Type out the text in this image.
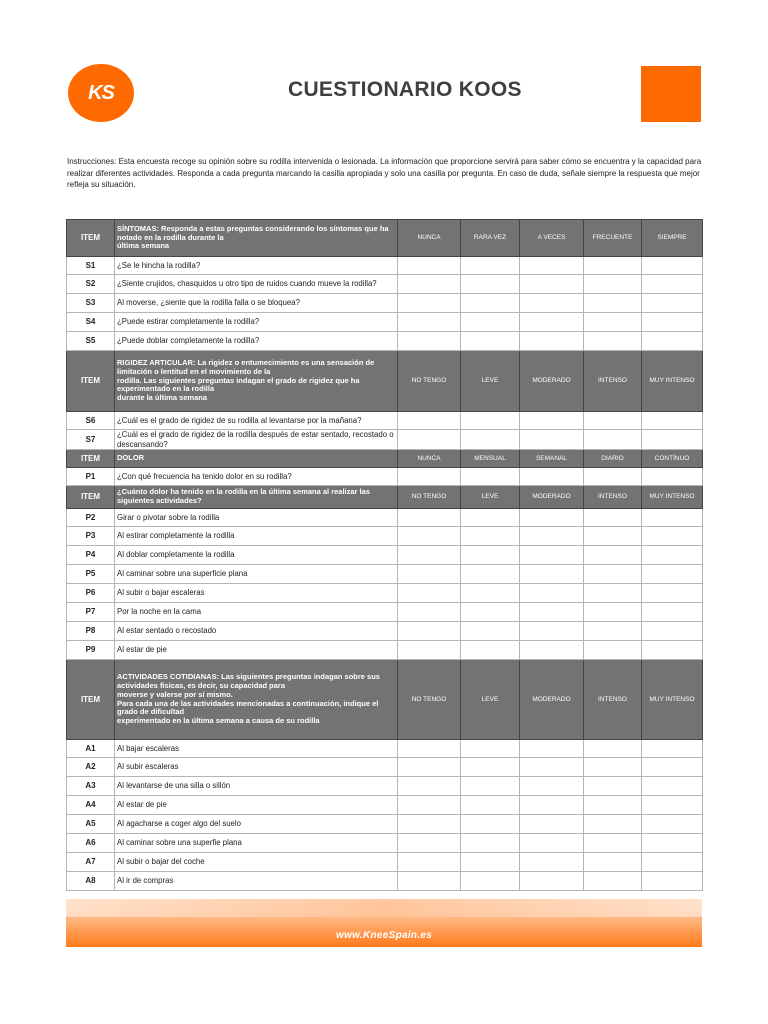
KS	CUESTIONARIO KOOS
Instrucciones: Esta encuesta recoge su opinión sobre su rodilla intervenida o lesionada. La información que proporcione servirá para saber cómo se encuentra y la capacidad para realizar diferentes actividades. Responda a cada pregunta marcando la casilla apropiada y solo una casilla por pregunta. En caso de duda, señale siempre la respuesta que mejor refleja su situación.
ITEM	SÍNTOMAS: Responda a estas preguntas considerando los síntomas que ha notado en la rodilla durante la
última semana	NUNCA	RARA VEZ	A VECES	FRECUENTE	SIEMPRE
S1	¿Se le hincha la rodilla?					
S2	¿Siente crujidos, chasquidos u otro tipo de ruidos cuando mueve la rodilla?					
S3	Al moverse, ¿siente que la rodilla falla o se bloquea?					
S4	¿Puede estirar completamente la rodilla?					
S5	¿Puede doblar completamente la rodilla?					
ITEM	RIGIDEZ ARTICULAR: La rigidez o entumecimiento es una sensación de limitación o lentitud en el movimiento de la
rodilla. Las siguientes preguntas indagan el grado de rigidez que ha experimentado en la rodilla
durante la última semana	NO TENGO	LEVE	MODERADO	INTENSO	MUY INTENSO
S6	¿Cuál es el grado de rigidez de su rodilla al levantarse por la mañana?					
S7	¿Cuál es el grado de rigidez de la rodilla después de estar sentado, recostado o descansando?					
ITEM	DOLOR	NUNCA	MENSUAL	SEMANAL	DIARIO	CONTÍNUO
P1	¿Con qué frecuencia ha tenido dolor en su rodilla?					
ITEM	¿Cuánto dolor ha tenido en la rodilla en la última semana al realizar las siguientes actividades?	NO TENGO	LEVE	MODERADO	INTENSO	MUY INTENSO
P2	Girar o pivotar sobre la rodilla					
P3	Al estirar completamente la rodilla					
P4	Al doblar completamente la rodilla					
P5	Al caminar sobre una superficie plana					
P6	Al subir o bajar escaleras					
P7	Por la noche en la cama					
P8	Al estar sentado o recostado					
P9	Al estar de pie					
ITEM	ACTIVIDADES COTIDIANAS: Las siguientes preguntas indagan sobre sus actividades físicas, es decir, su capacidad para
moverse y valerse por sí mismo.
Para cada una de las actividades mencionadas a continuación, indique el grado de dificultad
experimentado en la última semana a causa de su rodilla	NO TENGO	LEVE	MODERADO	INTENSO	MUY INTENSO
A1	Al bajar escaleras					
A2	Al subir escaleras					
A3	Al levantarse de una silla o sillón					
A4	Al estar de pie					
A5	Al agacharse a coger algo del suelo					
A6	Al caminar sobre una superfie plana					
A7	Al subir o bajar del coche					
A8	Al ir de compras					
www.KneeSpain.es
